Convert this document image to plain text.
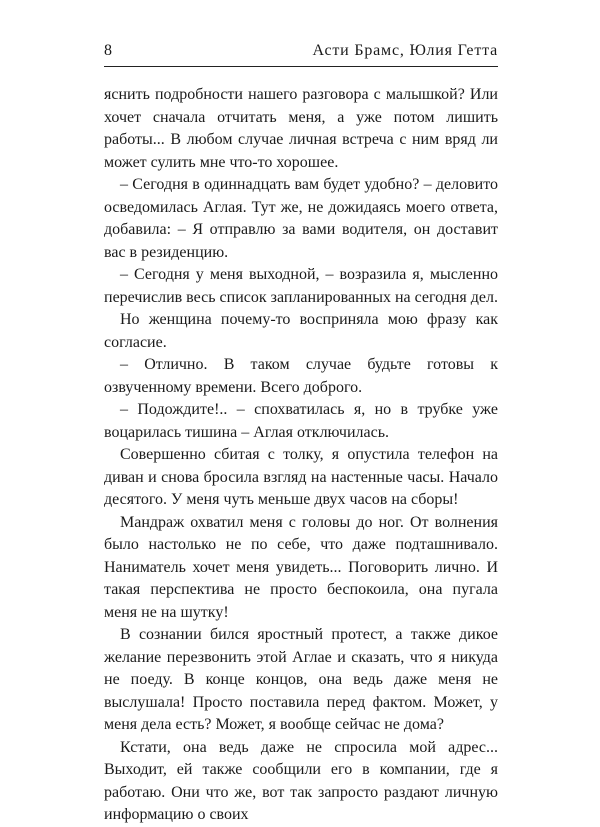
8	Асти Брамс, Юлия Гетта

яснить подробности нашего разговора с малышкой? Или хочет сначала отчитать меня, а уже потом лишить работы... В любом случае личная встреча с ним вряд ли может сулить мне что-то хорошее.

– Сегодня в одиннадцать вам будет удобно? – деловито осведомилась Аглая. Тут же, не дожидаясь моего ответа, добавила: – Я отправлю за вами водителя, он доставит вас в резиденцию.

– Сегодня у меня выходной, – возразила я, мысленно перечислив весь список запланированных на сегодня дел.

Но женщина почему-то восприняла мою фразу как согласие.

– Отлично. В таком случае будьте готовы к озвученному времени. Всего доброго.

– Подождите!.. – спохватилась я, но в трубке уже воцарилась тишина – Аглая отключилась.

Совершенно сбитая с толку, я опустила телефон на диван и снова бросила взгляд на настенные часы. Начало десятого. У меня чуть меньше двух часов на сборы!

Мандраж охватил меня с головы до ног. От волнения было настолько не по себе, что даже подташнивало. Наниматель хочет меня увидеть... Поговорить лично. И такая перспектива не просто беспокоила, она пугала меня не на шутку!

В сознании бился яростный протест, а также дикое желание перезвонить этой Аглае и сказать, что я никуда не поеду. В конце концов, она ведь даже меня не выслушала! Просто поставила перед фактом. Может, у меня дела есть? Может, я вообще сейчас не дома?

Кстати, она ведь даже не спросила мой адрес... Выходит, ей также сообщили его в компании, где я работаю. Они что же, вот так запросто раздают личную информацию о своих
